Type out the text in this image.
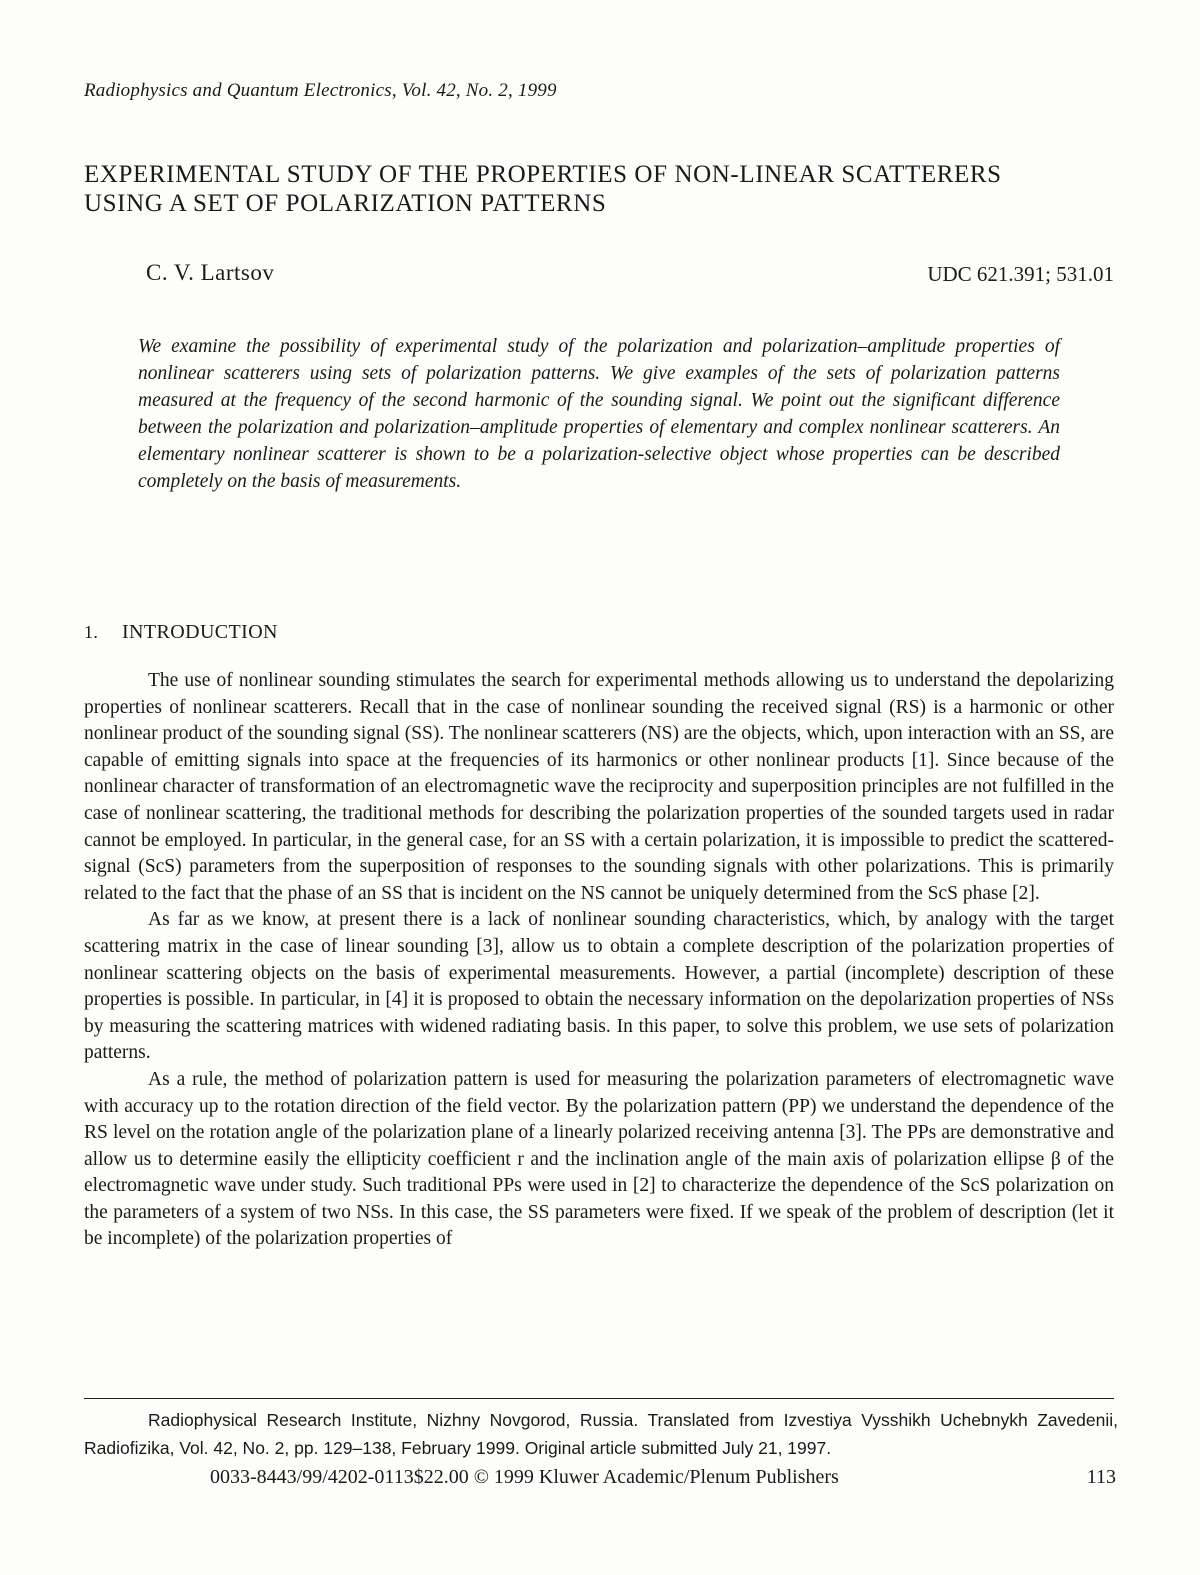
Radiophysics and Quantum Electronics, Vol. 42, No. 2, 1999
EXPERIMENTAL STUDY OF THE PROPERTIES OF NON-LINEAR SCATTERERS
USING A SET OF POLARIZATION PATTERNS
C. V. Lartsov	UDC 621.391; 531.01
We examine the possibility of experimental study of the polarization and polarization–amplitude properties of nonlinear scatterers using sets of polarization patterns. We give examples of the sets of polarization patterns measured at the frequency of the second harmonic of the sounding signal. We point out the significant difference between the polarization and polarization–amplitude properties of elementary and complex nonlinear scatterers. An elementary nonlinear scatterer is shown to be a polarization-selective object whose properties can be described completely on the basis of measurements.
1. INTRODUCTION

The use of nonlinear sounding stimulates the search for experimental methods allowing us to understand the depolarizing properties of nonlinear scatterers. Recall that in the case of nonlinear sounding the received signal (RS) is a harmonic or other nonlinear product of the sounding signal (SS). The nonlinear scatterers (NS) are the objects, which, upon interaction with an SS, are capable of emitting signals into space at the frequencies of its harmonics or other nonlinear products [1]. Since because of the nonlinear character of transformation of an electromagnetic wave the reciprocity and superposition principles are not fulfilled in the case of nonlinear scattering, the traditional methods for describing the polarization properties of the sounded targets used in radar cannot be employed. In particular, in the general case, for an SS with a certain polarization, it is impossible to predict the scattered-signal (ScS) parameters from the superposition of responses to the sounding signals with other polarizations. This is primarily related to the fact that the phase of an SS that is incident on the NS cannot be uniquely determined from the ScS phase [2].

As far as we know, at present there is a lack of nonlinear sounding characteristics, which, by analogy with the target scattering matrix in the case of linear sounding [3], allow us to obtain a complete description of the polarization properties of nonlinear scattering objects on the basis of experimental measurements. However, a partial (incomplete) description of these properties is possible. In particular, in [4] it is proposed to obtain the necessary information on the depolarization properties of NSs by measuring the scattering matrices with widened radiating basis. In this paper, to solve this problem, we use sets of polarization patterns.

As a rule, the method of polarization pattern is used for measuring the polarization parameters of electromagnetic wave with accuracy up to the rotation direction of the field vector. By the polarization pattern (PP) we understand the dependence of the RS level on the rotation angle of the polarization plane of a linearly polarized receiving antenna [3]. The PPs are demonstrative and allow us to determine easily the ellipticity coefficient r and the inclination angle of the main axis of polarization ellipse β of the electromagnetic wave under study. Such traditional PPs were used in [2] to characterize the dependence of the ScS polarization on the parameters of a system of two NSs. In this case, the SS parameters were fixed. If we speak of the problem of description (let it be incomplete) of the polarization properties of

Radiophysical Research Institute, Nizhny Novgorod, Russia. Translated from Izvestiya Vysshikh Uchebnykh Zavedenii, Radiofizika, Vol. 42, No. 2, pp. 129–138, February 1999. Original article submitted July 21, 1997.
0033-8443/99/4202-0113$22.00 © 1999 Kluwer Academic/Plenum Publishers	113
